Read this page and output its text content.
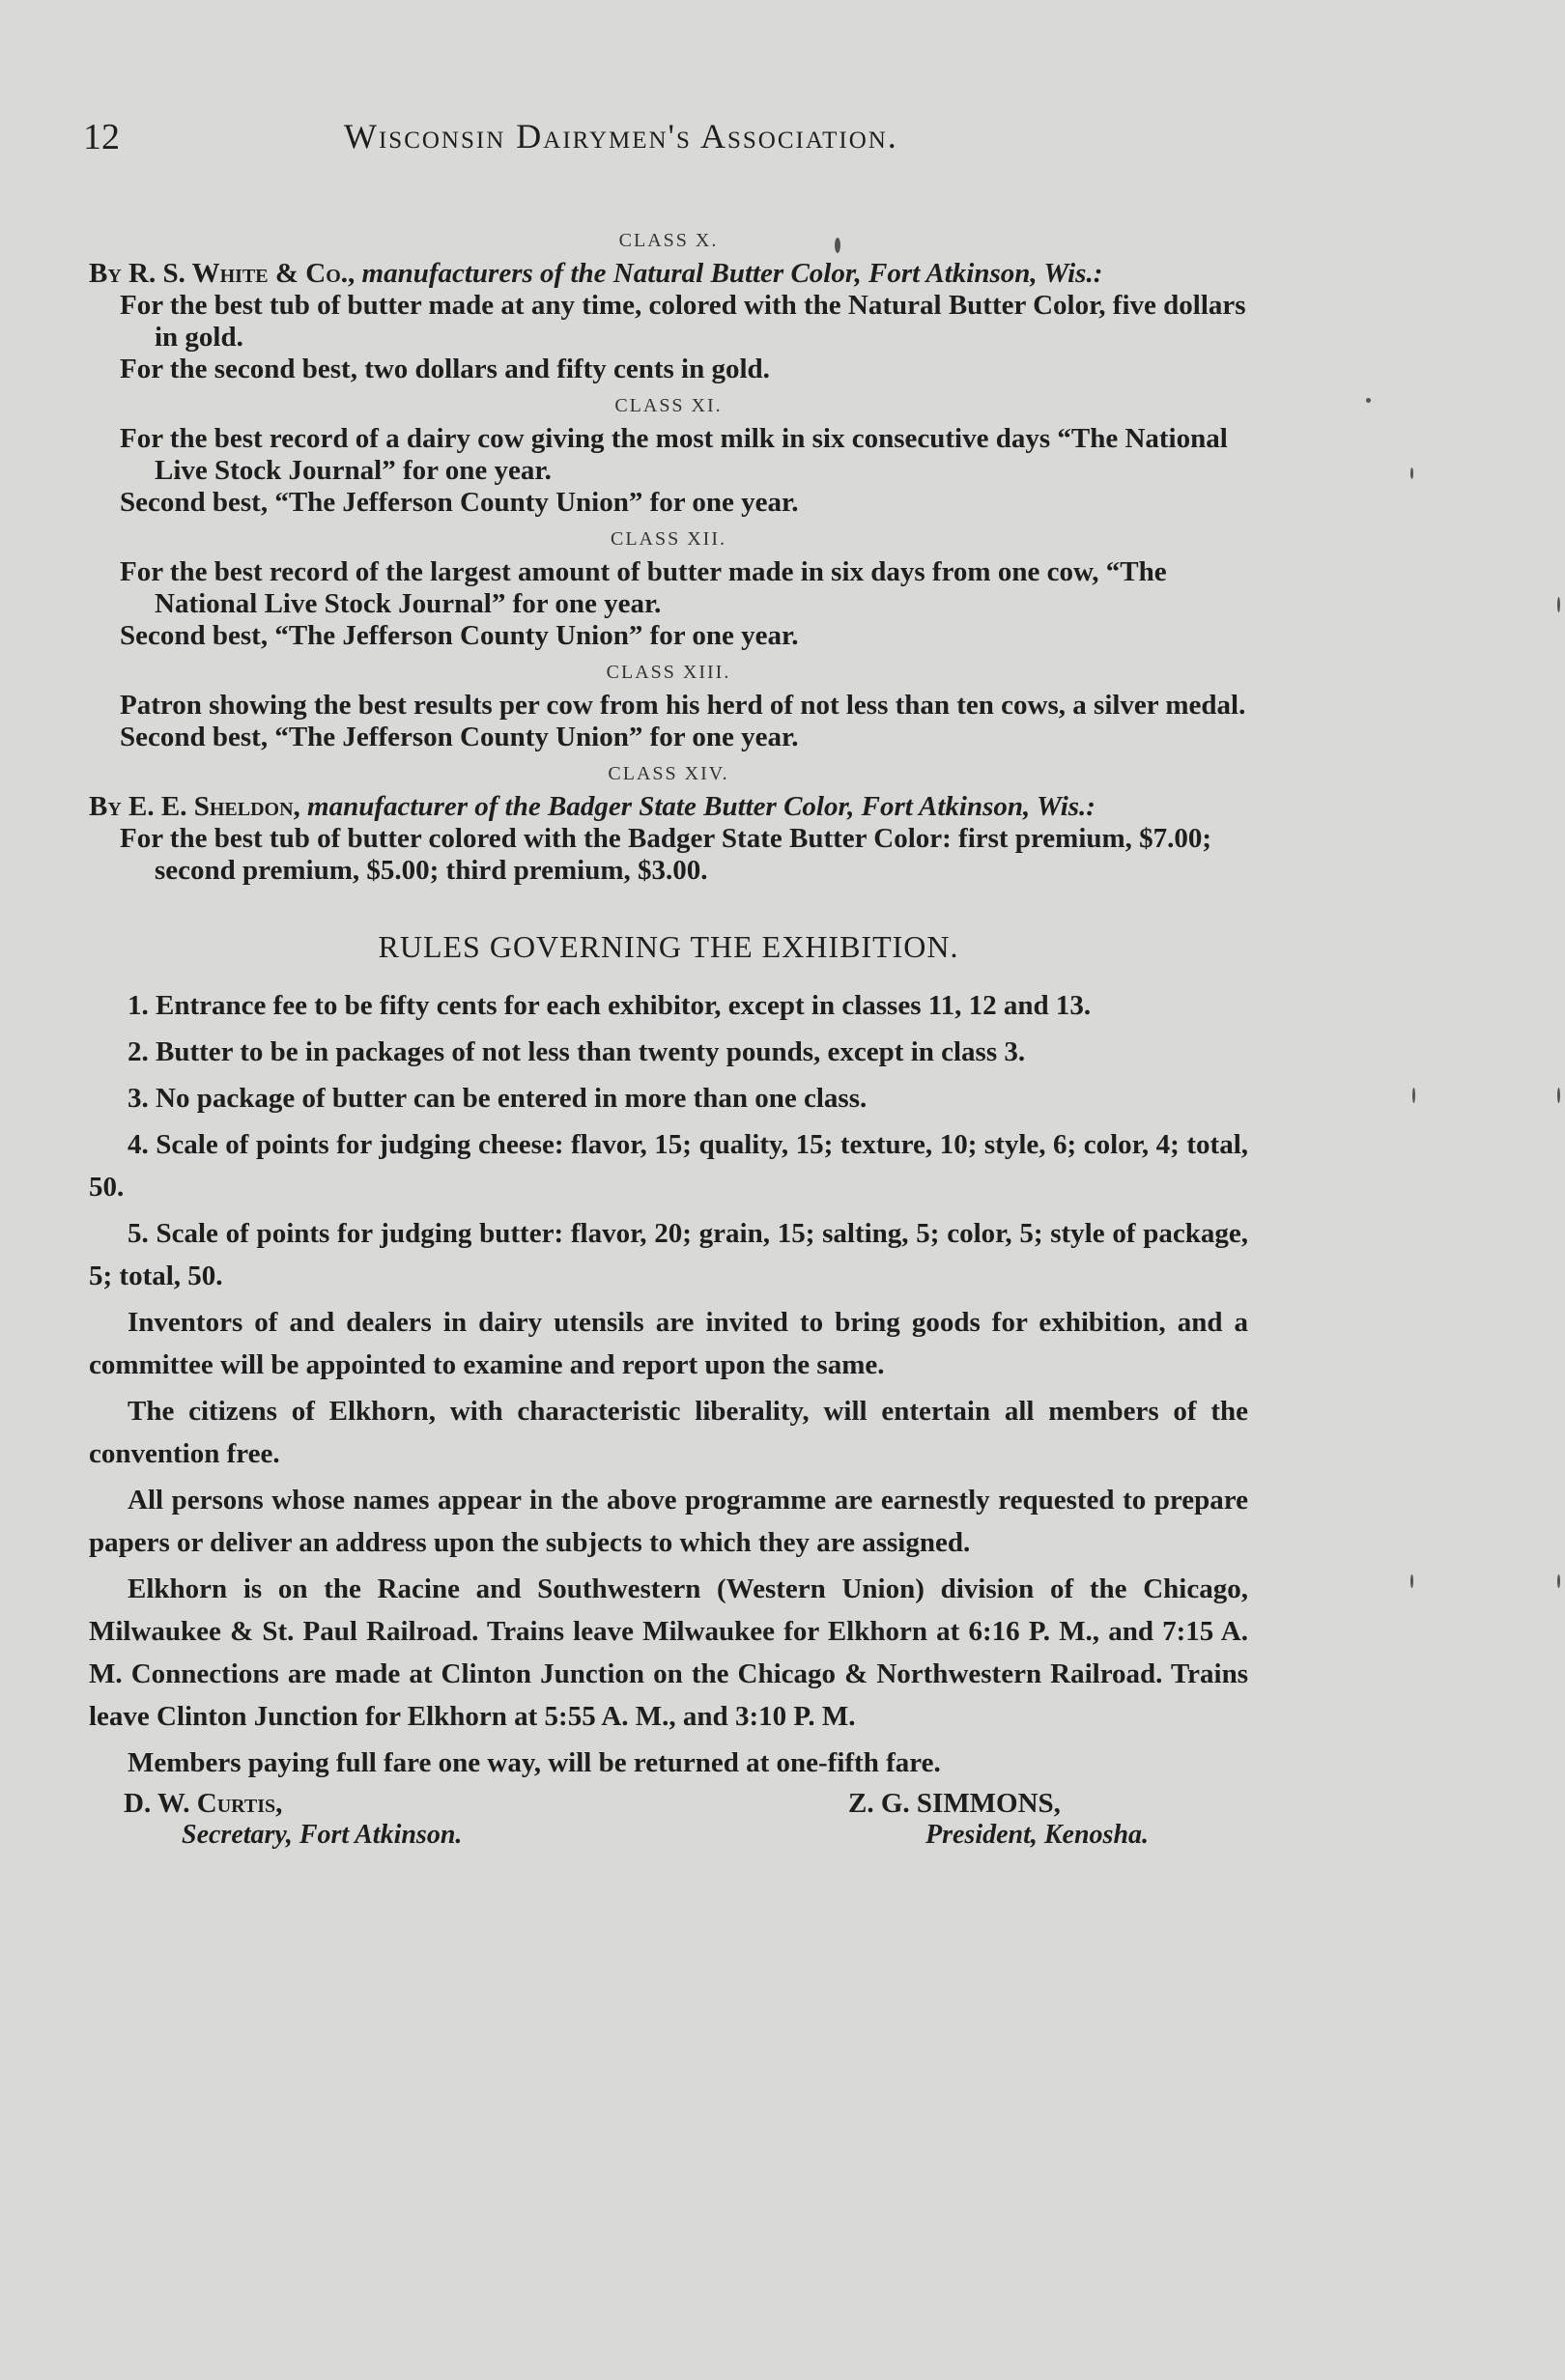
12	Wisconsin Dairymen's Association.
CLASS X.
By R. S. White & Co., manufacturers of the Natural Butter Color, Fort Atkinson, Wis.:
For the best tub of butter made at any time, colored with the Natural Butter Color, five dollars in gold.
For the second best, two dollars and fifty cents in gold.
CLASS XI.
For the best record of a dairy cow giving the most milk in six consecutive days “The National Live Stock Journal” for one year.
Second best, “The Jefferson County Union” for one year.
CLASS XII.
For the best record of the largest amount of butter made in six days from one cow, “The National Live Stock Journal” for one year.
Second best, “The Jefferson County Union” for one year.
CLASS XIII.
Patron showing the best results per cow from his herd of not less than ten cows, a silver medal.
Second best, “The Jefferson County Union” for one year.
CLASS XIV.
By E. E. Sheldon, manufacturer of the Badger State Butter Color, Fort Atkinson, Wis.:
For the best tub of butter colored with the Badger State Butter Color: first premium, $7.00; second premium, $5.00; third premium, $3.00.
RULES GOVERNING THE EXHIBITION.

1. Entrance fee to be fifty cents for each exhibitor, except in classes 11, 12 and 13.

2. Butter to be in packages of not less than twenty pounds, except in class 3.

3. No package of butter can be entered in more than one class.

4. Scale of points for judging cheese: flavor, 15; quality, 15; texture, 10; style, 6; color, 4; total, 50.

5. Scale of points for judging butter: flavor, 20; grain, 15; salting, 5; color, 5; style of package, 5; total, 50.

Inventors of and dealers in dairy utensils are invited to bring goods for exhibition, and a committee will be appointed to examine and report upon the same.

The citizens of Elkhorn, with characteristic liberality, will entertain all members of the convention free.

All persons whose names appear in the above programme are earnestly requested to prepare papers or deliver an address upon the subjects to which they are assigned.

Elkhorn is on the Racine and Southwestern (Western Union) division of the Chicago, Milwaukee & St. Paul Railroad. Trains leave Milwaukee for Elkhorn at 6:16 P. M., and 7:15 A. M. Connections are made at Clinton Junction on the Chicago & Northwestern Railroad. Trains leave Clinton Junction for Elkhorn at 5:55 A. M., and 3:10 P. M.

Members paying full fare one way, will be returned at one-fifth fare.

D. W. Curtis,
Secretary, Fort Atkinson.
Z. G. SIMMONS,
President, Kenosha.
